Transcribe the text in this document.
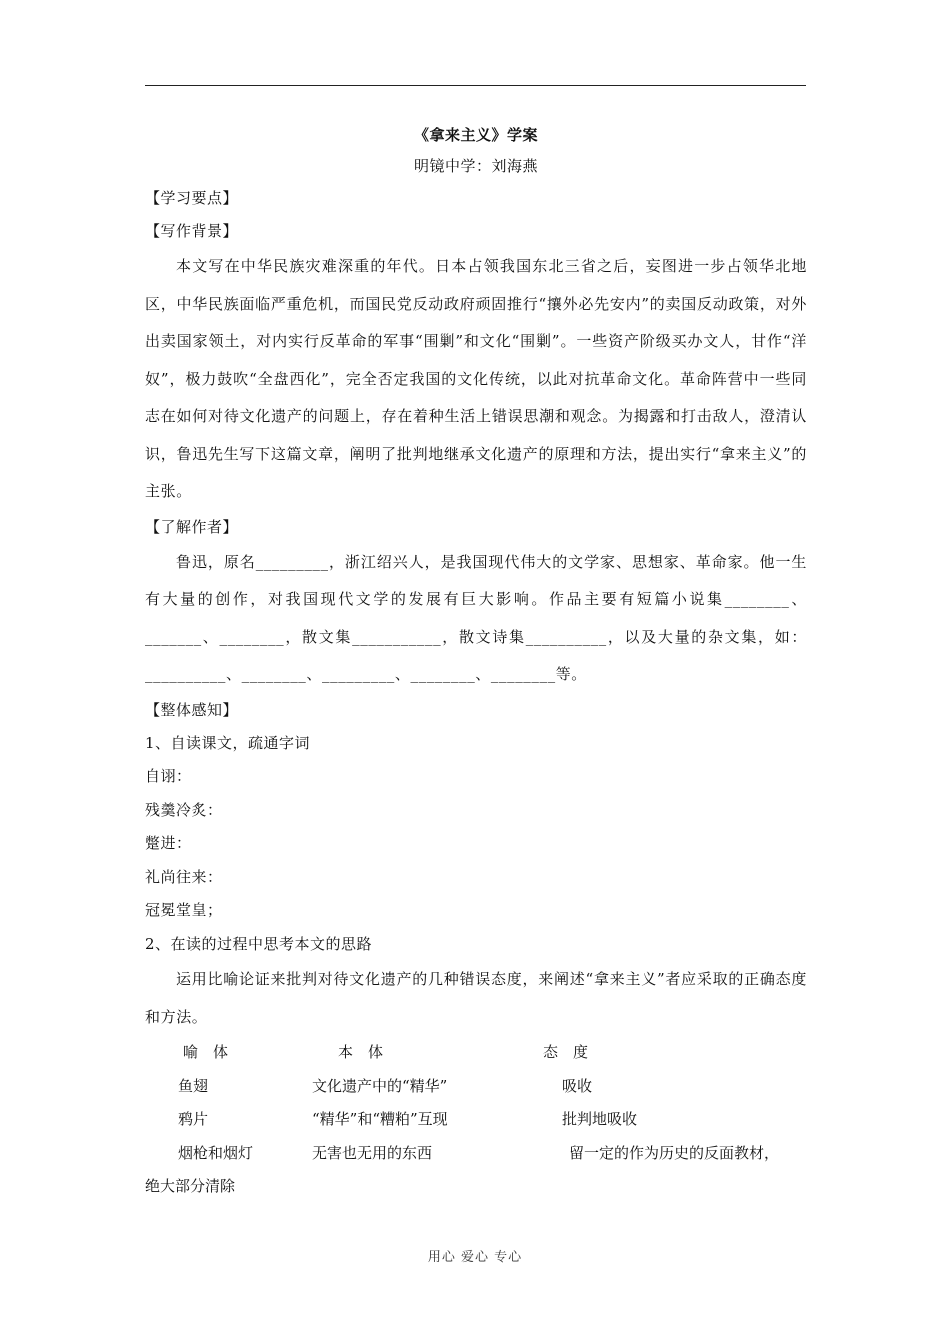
《拿来主义》学案
明镜中学：刘海燕
【学习要点】
【写作背景】
本文写在中华民族灾难深重的年代。日本占领我国东北三省之后，妄图进一步占领华北地区，中华民族面临严重危机，而国民党反动政府顽固推行“攘外必先安内”的卖国反动政策，对外出卖国家领土，对内实行反革命的军事“围剿”和文化“围剿”。一些资产阶级买办文人，甘作“洋奴”，极力鼓吹“全盘西化”，完全否定我国的文化传统，以此对抗革命文化。革命阵营中一些同志在如何对待文化遗产的问题上，存在着种生活上错误思潮和观念。为揭露和打击敌人，澄清认识，鲁迅先生写下这篇文章，阐明了批判地继承文化遗产的原理和方法，提出实行“拿来主义”的主张。
【了解作者】
鲁迅，原名_________，浙江绍兴人，是我国现代伟大的文学家、思想家、革命家。他一生有大量的创作，对我国现代文学的发展有巨大影响。作品主要有短篇小说集________、_______、________，散文集___________，散文诗集__________，以及大量的杂文集，如：__________、________、_________、________、________等。
【整体感知】
1、自读课文，疏通字词
自诩：
残羹冷炙：
蹩进：
礼尚往来：
冠冕堂皇；
2、在读的过程中思考本文的思路
运用比喻论证来批判对待文化遗产的几种错误态度，来阐述“拿来主义”者应采取的正确态度和方法。
喻　体	本　体	态　度
鱼翅	文化遗产中的“精华”	吸收
鸦片	“精华”和“糟粕”互现	批判地吸收
烟枪和烟灯	无害也无用的东西	留一定的作为历史的反面教材，
绝大部分清除
用心 爱心 专心
